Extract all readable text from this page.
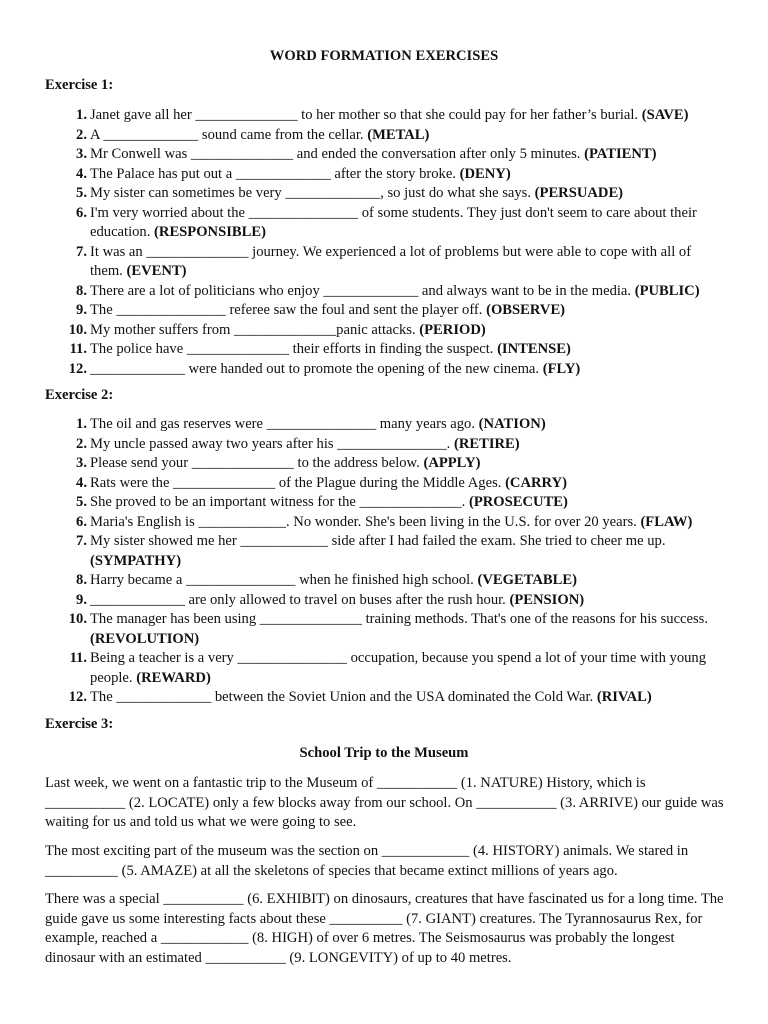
WORD FORMATION EXERCISES
Exercise 1:
1. Janet gave all her ______________ to her mother so that she could pay for her father’s burial. (SAVE)
2. A _____________ sound came from the cellar. (METAL)
3. Mr Conwell was ______________ and ended the conversation after only 5 minutes. (PATIENT)
4. The Palace has put out a _____________ after the story broke. (DENY)
5. My sister can sometimes be very _____________, so just do what she says. (PERSUADE)
6. I'm very worried about the _______________ of some students. They just don't seem to care about their education. (RESPONSIBLE)
7. It was an ______________ journey. We experienced a lot of problems but were able to cope with all of them. (EVENT)
8. There are a lot of politicians who enjoy _____________ and always want to be in the media. (PUBLIC)
9. The _______________ referee saw the foul and sent the player off. (OBSERVE)
10. My mother suffers from ______________panic attacks. (PERIOD)
11. The police have ______________ their efforts in finding the suspect. (INTENSE)
12. _____________ were handed out to promote the opening of the new cinema. (FLY)
Exercise 2:
1. The oil and gas reserves were _______________ many years ago. (NATION)
2. My uncle passed away two years after his _______________. (RETIRE)
3. Please send your ______________ to the address below. (APPLY)
4. Rats were the ______________ of the Plague during the Middle Ages. (CARRY)
5. She proved to be an important witness for the ______________. (PROSECUTE)
6. Maria's English is ____________. No wonder. She's been living in the U.S. for over 20 years. (FLAW)
7. My sister showed me her ____________ side after I had failed the exam. She tried to cheer me up. (SYMPATHY)
8. Harry became a _______________ when he finished high school. (VEGETABLE)
9. _____________ are only allowed to travel on buses after the rush hour. (PENSION)
10. The manager has been using ______________ training methods. That's one of the reasons for his success. (REVOLUTION)
11. Being a teacher is a very _______________ occupation, because you spend a lot of your time with young people. (REWARD)
12. The _____________ between the Soviet Union and the USA dominated the Cold War. (RIVAL)
Exercise 3:
School Trip to the Museum

Last week, we went on a fantastic trip to the Museum of ___________ (1. NATURE) History, which is ___________ (2. LOCATE) only a few blocks away from our school. On ___________ (3. ARRIVE) our guide was waiting for us and told us what we were going to see.

The most exciting part of the museum was the section on ____________ (4. HISTORY) animals. We stared in __________ (5. AMAZE) at all the skeletons of species that became extinct millions of years ago.

There was a special ___________ (6. EXHIBIT) on dinosaurs, creatures that have fascinated us for a long time. The guide gave us some interesting facts about these __________ (7. GIANT) creatures. The Tyrannosaurus Rex, for example, reached a ____________ (8. HIGH) of over 6 metres. The Seismosaurus was probably the longest dinosaur with an estimated ___________ (9. LONGEVITY) of up to 40 metres.
